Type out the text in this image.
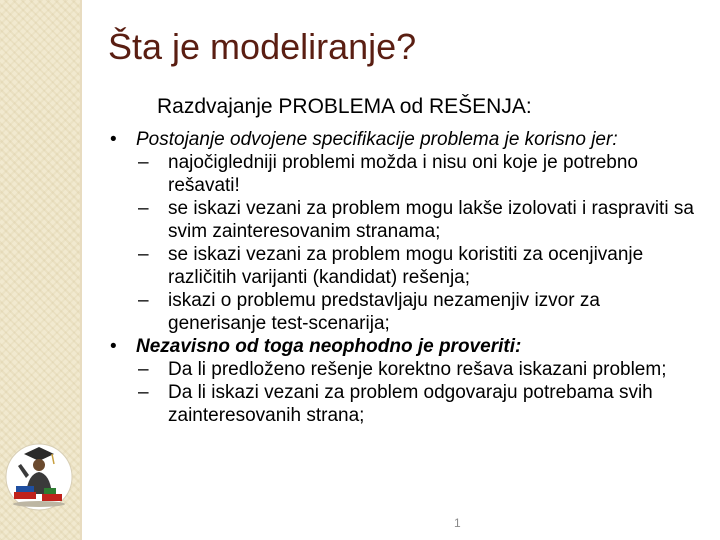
Šta je modeliranje?
Razdvajanje PROBLEMA od REŠENJA:

• Postojanje odvojene specifikacije problema je korisno jer:

– najočigledniji problemi možda i nisu oni koje je potrebno rešavati!
– se iskazi vezani za problem mogu lakše izolovati i raspraviti sa svim zainteresovanim stranama;
– se iskazi vezani za problem mogu koristiti za ocenjivanje različitih varijanti (kandidat) rešenja;
– iskazi o problemu predstavljaju nezamenjiv izvor za generisanje test-scenarija;

• Nezavisno od toga neophodno je proveriti:

– Da li predloženo rešenje korektno rešava iskazani problem;
– Da li iskazi vezani za problem odgovaraju potrebama svih zainteresovanih strana;
1
